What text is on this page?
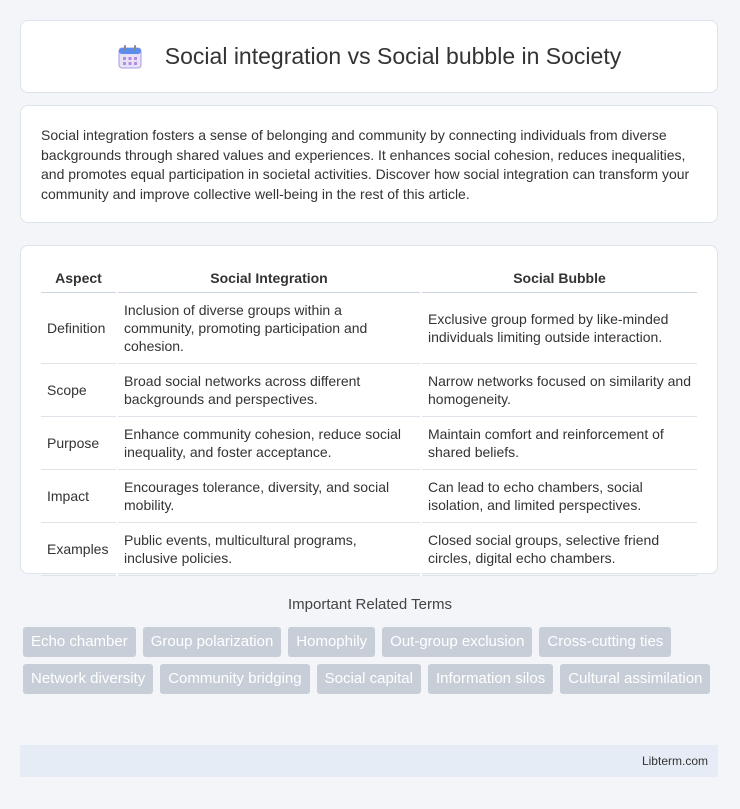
Social integration vs Social bubble in Society

Social integration fosters a sense of belonging and community by connecting individuals from diverse backgrounds through shared values and experiences. It enhances social cohesion, reduces inequalities, and promotes equal participation in societal activities. Discover how social integration can transform your community and improve collective well-being in the rest of this article.

Aspect	Social Integration	Social Bubble
Definition	Inclusion of diverse groups within a community, promoting participation and cohesion.	Exclusive group formed by like-minded individuals limiting outside interaction.
Scope	Broad social networks across different backgrounds and perspectives.	Narrow networks focused on similarity and homogeneity.
Purpose	Enhance community cohesion, reduce social inequality, and foster acceptance.	Maintain comfort and reinforcement of shared beliefs.
Impact	Encourages tolerance, diversity, and social mobility.	Can lead to echo chambers, social isolation, and limited perspectives.
Examples	Public events, multicultural programs, inclusive policies.	Closed social groups, selective friend circles, digital echo chambers.
Important Related Terms
Echo chamber	Group polarization	Homophily	Out-group exclusion	Cross-cutting ties
Network diversity	Community bridging	Social capital	Information silos	Cultural assimilation
Libterm.com
